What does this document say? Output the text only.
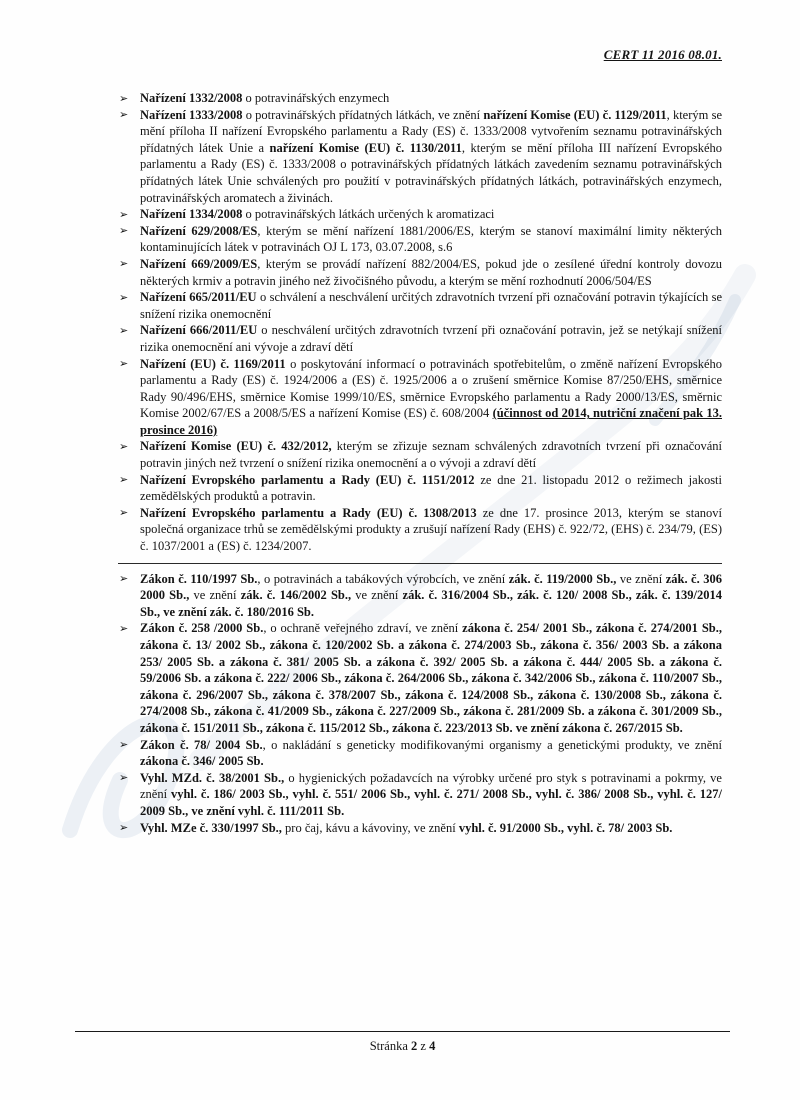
CERT 11 2016 08.01.
➢ Nařízení 1332/2008 o potravinářských enzymech
➢ Nařízení 1333/2008 o potravinářských přídatných látkách, ve znění nařízení Komise (EU) č. 1129/2011, kterým se mění příloha II nařízení Evropského parlamentu a Rady (ES) č. 1333/2008 vytvořením seznamu potravinářských přídatných látek Unie a nařízení Komise (EU) č. 1130/2011, kterým se mění příloha III nařízení Evropského parlamentu a Rady (ES) č. 1333/2008 o potravinářských přídatných látkách zavedením seznamu potravinářských přídatných látek Unie schválených pro použití v potravinářských přídatných látkách, potravinářských enzymech, potravinářských aromatech a živinách.
➢ Nařízení 1334/2008 o potravinářských látkách určených k aromatizaci
➢ Nařízení 629/2008/ES, kterým se mění nařízení 1881/2006/ES, kterým se stanoví maximální limity některých kontaminujících látek v potravinách OJ L 173, 03.07.2008, s.6
➢ Nařízení 669/2009/ES, kterým se provádí nařízení 882/2004/ES, pokud jde o zesílené úřední kontroly dovozu některých krmiv a potravin jiného než živočišného původu, a kterým se mění rozhodnutí 2006/504/ES
➢ Nařízení 665/2011/EU o schválení a neschválení určitých zdravotních tvrzení při označování potravin týkajících se snížení rizika onemocnění
➢ Nařízení 666/2011/EU o neschválení určitých zdravotních tvrzení při označování potravin, jež se netýkají snížení rizika onemocnění ani vývoje a zdraví dětí
➢ Nařízení (EU) č. 1169/2011 o poskytování informací o potravinách spotřebitelům, o změně nařízení Evropského parlamentu a Rady (ES) č. 1924/2006 a (ES) č. 1925/2006 a o zrušení směrnice Komise 87/250/EHS, směrnice Rady 90/496/EHS, směrnice Komise 1999/10/ES, směrnice Evropského parlamentu a Rady 2000/13/ES, směrnic Komise 2002/67/ES a 2008/5/ES a nařízení Komise (ES) č. 608/2004 (účinnost od 2014, nutriční značení pak 13. prosince 2016)
➢ Nařízení Komise (EU) č. 432/2012, kterým se zřizuje seznam schválených zdravotních tvrzení při označování potravin jiných než tvrzení o snížení rizika onemocnění a o vývoji a zdraví dětí
➢ Nařízení Evropského parlamentu a Rady (EU) č. 1151/2012 ze dne 21. listopadu 2012 o režimech jakosti zemědělských produktů a potravin.
➢ Nařízení Evropského parlamentu a Rady (EU) č. 1308/2013 ze dne 17. prosince 2013, kterým se stanoví společná organizace trhů se zemědělskými produkty a zrušují nařízení Rady (EHS) č. 922/72, (EHS) č. 234/79, (ES) č. 1037/2001 a (ES) č. 1234/2007.
➢ Zákon č. 110/1997 Sb., o potravinách a tabákových výrobcích, ve znění zák. č. 119/2000 Sb., ve znění zák. č. 306 2000 Sb., ve znění zák. č. 146/2002 Sb., ve znění zák. č. 316/2004 Sb., zák. č. 120/ 2008 Sb., zák. č. 139/2014 Sb., ve znění zák. č. 180/2016 Sb.
➢ Zákon č. 258 /2000 Sb., o ochraně veřejného zdraví, ve znění zákona č. 254/ 2001 Sb., zákona č. 274/2001 Sb., zákona č. 13/ 2002 Sb., zákona č. 120/2002 Sb. a zákona č. 274/2003 Sb., zákona č. 356/ 2003 Sb. a zákona 253/ 2005 Sb. a zákona č. 381/ 2005 Sb. a zákona č. 392/ 2005 Sb. a zákona č. 444/ 2005 Sb. a zákona č. 59/2006 Sb. a zákona č. 222/ 2006 Sb., zákona č. 264/2006 Sb., zákona č. 342/2006 Sb., zákona č. 110/2007 Sb., zákona č. 296/2007 Sb., zákona č. 378/2007 Sb., zákona č. 124/2008 Sb., zákona č. 130/2008 Sb., zákona č. 274/2008 Sb., zákona č. 41/2009 Sb., zákona č. 227/2009 Sb., zákona č. 281/2009 Sb. a zákona č. 301/2009 Sb., zákona č. 151/2011 Sb., zákona č. 115/2012 Sb., zákona č. 223/2013 Sb. ve znění zákona č. 267/2015 Sb.
➢ Zákon č. 78/ 2004 Sb., o nakládání s geneticky modifikovanými organismy a genetickými produkty, ve znění zákona č. 346/ 2005 Sb.
➢ Vyhl. MZd. č. 38/2001 Sb., o hygienických požadavcích na výrobky určené pro styk s potravinami a pokrmy, ve znění vyhl. č. 186/ 2003 Sb., vyhl. č. 551/ 2006 Sb., vyhl. č. 271/ 2008 Sb., vyhl. č. 386/ 2008 Sb., vyhl. č. 127/ 2009 Sb., ve znění vyhl. č. 111/2011 Sb.
➢ Vyhl. MZe č. 330/1997 Sb., pro čaj, kávu a kávoviny, ve znění vyhl. č. 91/2000 Sb., vyhl. č. 78/ 2003 Sb.
Stránka 2 z 4
